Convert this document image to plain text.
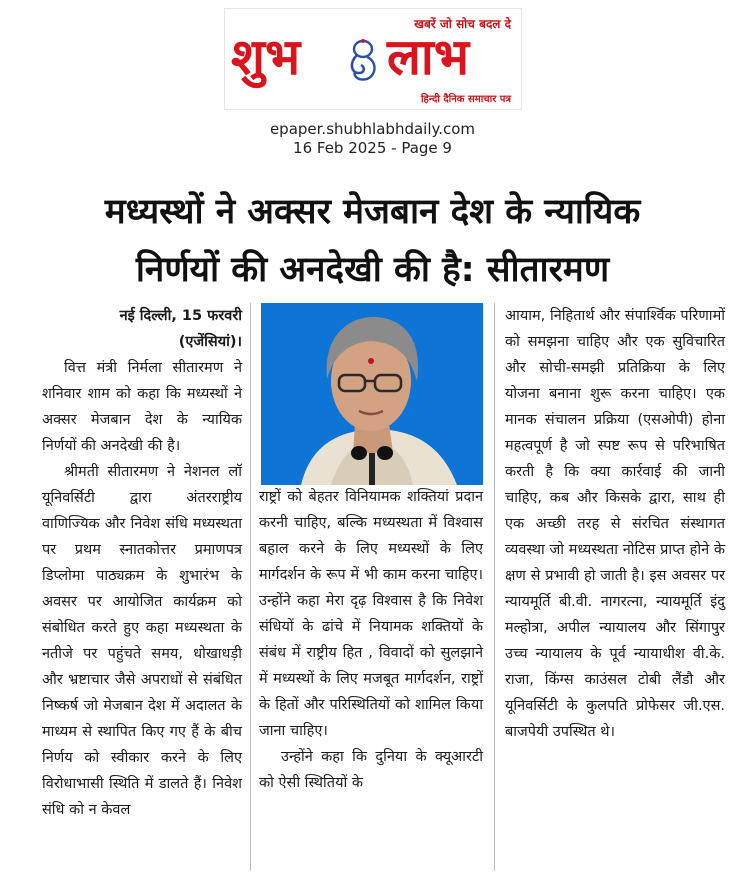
खबरें जो सोच बदल दे
शुभ लाभ
हिन्दी दैनिक समाचार पत्र
epaper.shubhlabhdaily.com
16 Feb 2025 - Page 9
मध्यस्थों ने अक्सर मेजबान देश के न्यायिक
निर्णयों की अनदेखी की है: सीतारमण

नई दिल्ली, 15 फरवरी

(एजेंसियां)।

वित्त मंत्री निर्मला सीतारमण ने शनिवार शाम को कहा कि मध्यस्थों ने अक्सर मेजबान देश के न्यायिक निर्णयों की अनदेखी की है।

श्रीमती सीतारमण ने नेशनल लॉ यूनिवर्सिटी द्वारा अंतरराष्ट्रीय वाणिज्यिक और निवेश संधि मध्यस्थता पर प्रथम स्नातकोत्तर प्रमाणपत्र डिप्लोमा पाठ्यक्रम के शुभारंभ के अवसर पर आयोजित कार्यक्रम को संबोधित करते हुए कहा मध्यस्थता के नतीजे पर पहुंचते समय, धोखाधड़ी और भ्रष्टाचार जैसे अपराधों से संबंधित निष्कर्ष जो मेजबान देश में अदालत के माध्यम से स्थापित किए गए हैं के बीच निर्णय को स्वीकार करने के लिए विरोधाभासी स्थिति में डालते हैं। निवेश संधि को न केवल

राष्ट्रों को बेहतर विनियामक शक्तियां प्रदान करनी चाहिए, बल्कि मध्यस्थता में विश्वास बहाल करने के लिए मध्यस्थों के लिए मार्गदर्शन के रूप में भी काम करना चाहिए। उन्होंने कहा मेरा दृढ़ विश्वास है कि निवेश संधियों के ढांचे में नियामक शक्तियों के संबंध में राष्ट्रीय हित , विवादों को सुलझाने में मध्यस्थों के लिए मजबूत मार्गदर्शन, राष्ट्रों के हितों और परिस्थितियों को शामिल किया जाना चाहिए।

उन्होंने कहा कि दुनिया के क्यूआरटी को ऐसी स्थितियों के

आयाम, निहितार्थ और संपार्श्विक परिणामों को समझना चाहिए और एक सुविचारित और सोची-समझी प्रतिक्रिया के लिए योजना बनाना शुरू करना चाहिए। एक मानक संचालन प्रक्रिया (एसओपी) होना महत्वपूर्ण है जो स्पष्ट रूप से परिभाषित करती है कि क्या कार्रवाई की जानी चाहिए, कब और किसके द्वारा, साथ ही एक अच्छी तरह से संरचित संस्थागत व्यवस्था जो मध्यस्थता नोटिस प्राप्त होने के क्षण से प्रभावी हो जाती है। इस अवसर पर न्यायमूर्ति बी.वी. नागरत्ना, न्यायमूर्ति इंदु मल्होत्रा, अपील न्यायालय और सिंगापुर उच्च न्यायालय के पूर्व न्यायाधीश वी.के. राजा, किंग्स काउंसल टोबी लैंडौ और यूनिवर्सिटी के कुलपति प्रोफेसर जी.एस. बाजपेयी उपस्थित थे।
